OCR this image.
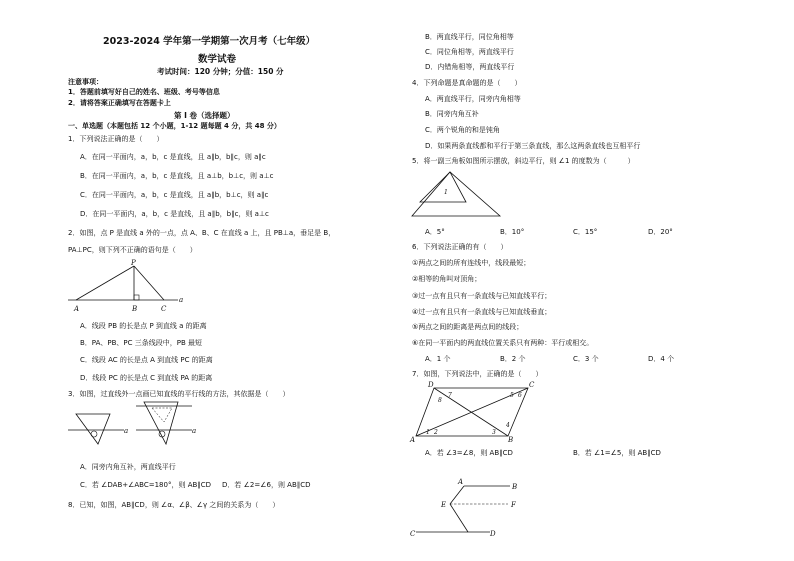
2023-2024 学年第一学期第一次月考（七年级）
数学试卷
考试时间：120 分钟；分值：150 分
注意事项：
1．答题前填写好自己的姓名、班级、考号等信息
2．请将答案正确填写在答题卡上
第 I 卷（选择题）
一、单选题（本题包括 12 个小题，1-12 题每题 4 分，共 48 分）
1．下列说法正确的是（　　）
A．在同一平面内，a，b，c 是直线，且 a∥b，b∥c，则 a∥c
B．在同一平面内，a，b，c 是直线，且 a⊥b，b⊥c，则 a⊥c
C．在同一平面内，a，b，c 是直线，且 a∥b，b⊥c，则 a∥c
D．在同一平面内，a，b，c 是直线，且 a∥b，b∥c，则 a⊥c
2．如图，点 P 是直线 a 外的一点，点 A、B、C 在直线 a 上，且 PB⊥a，垂足是 B，
PA⊥PC，则下列不正确的语句是（　　）
P
A	B	C
a
A．线段 PB 的长是点 P 到直线 a 的距离
B．PA、PB、PC 三条线段中，PB 最短
C．线段 AC 的长是点 A 到直线 PC 的距离
D．线段 PC 的长是点 C 到直线 PA 的距离
3．如图，过直线外一点画已知直线的平行线的方法，其依据是（　　）
a	a
A．同旁内角互补，两直线平行
C．若 ∠DAB+∠ABC=180°，则 AB∥CD D．若 ∠2=∠6，则 AB∥CD
8．已知，如图，AB∥CD，则 ∠α、∠β、∠γ 之间的关系为（　　）
B．两直线平行，同位角相等
C．同位角相等，两直线平行
D．内错角相等，两直线平行
4．下列命题是真命题的是（　　）
A．两直线平行，同旁内角相等
B．同旁内角互补
C．两个锐角的和是钝角
D．如果两条直线都和平行于第三条直线，那么这两条直线也互相平行
5．将一副三角板如图所示摆放，斜边平行，则 ∠1 的度数为（　　　）
1
A．5°	B．10°	C．15°	D．20°
6．下列说法正确的有（　　）
①两点之间的所有连线中，线段最短；
②相等的角叫对顶角；
③过一点有且只有一条直线与已知直线平行；
④过一点有且只有一条直线与已知直线垂直；
⑤两点之间的距离是两点间的线段；
⑥在同一平面内的两直线位置关系只有两种：平行或相交。
A．1 个	B．2 个	C．3 个	D．4 个
7．如图，下列说法中，正确的是（　　）
D	C
A	B
1 2	3
4
5 6
7
8
A．若 ∠3=∠8，则 AB∥CD	B．若 ∠1=∠5，则 AB∥CD
A
B
E	F
C	D
